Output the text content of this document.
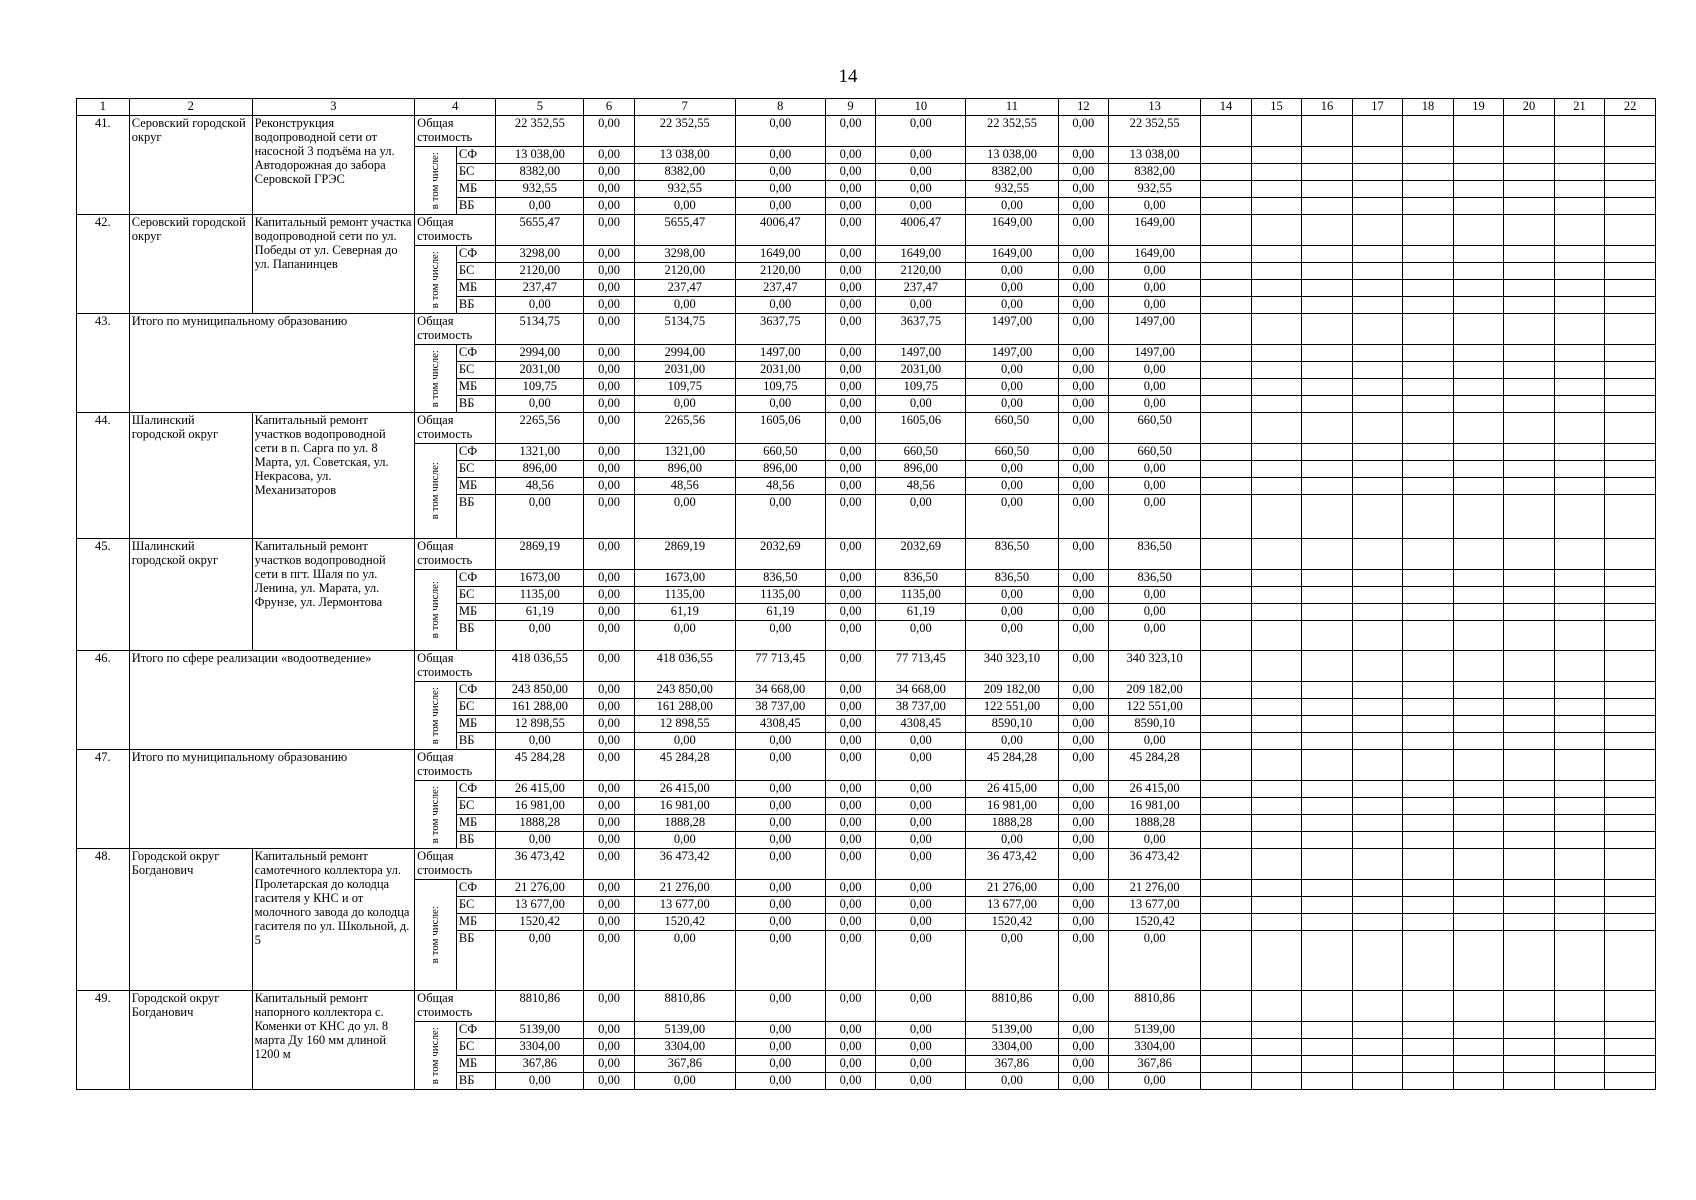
14
1	2	3	4		5	6	7	8	9	10	11	12	13	14	15	16	17	18	19	20	21	22
41.	Серовский городской округ	Реконструкция водопроводной сети от насосной 3 подъёма на ул. Автодорожная до забора Серовской ГРЭС	Общая стоимость		22 352,55	0,00	22 352,55	0,00	0,00	0,00	22 352,55	0,00	22 352,55									

			в том числе:	СФ	13 038,00	0,00	13 038,00	0,00	0,00	0,00	13 038,00	0,00	13 038,00									
				БС	8382,00	0,00	8382,00	0,00	0,00	0,00	8382,00	0,00	8382,00									
				МБ	932,55	0,00	932,55	0,00	0,00	0,00	932,55	0,00	932,55									
				ВБ	0,00	0,00	0,00	0,00	0,00	0,00	0,00	0,00	0,00									
42.	Серовский городской округ	Капитальный ремонт участка водопроводной сети по ул. Победы от ул. Северная до ул. Папанинцев	Общая стоимость		5655,47	0,00	5655,47	4006,47	0,00	4006,47	1649,00	0,00	1649,00									

			в том числе:	СФ	3298,00	0,00	3298,00	1649,00	0,00	1649,00	1649,00	0,00	1649,00									
				БС	2120,00	0,00	2120,00	2120,00	0,00	2120,00	0,00	0,00	0,00									
				МБ	237,47	0,00	237,47	237,47	0,00	237,47	0,00	0,00	0,00									
				ВБ	0,00	0,00	0,00	0,00	0,00	0,00	0,00	0,00	0,00									
43.	Итого по муниципальному образованию		Общая стоимость		5134,75	0,00	5134,75	3637,75	0,00	3637,75	1497,00	0,00	1497,00									

			в том числе:	СФ	2994,00	0,00	2994,00	1497,00	0,00	1497,00	1497,00	0,00	1497,00									
				БС	2031,00	0,00	2031,00	2031,00	0,00	2031,00	0,00	0,00	0,00									
				МБ	109,75	0,00	109,75	109,75	0,00	109,75	0,00	0,00	0,00									
				ВБ	0,00	0,00	0,00	0,00	0,00	0,00	0,00	0,00	0,00									
44.	Шалинский городской округ	Капитальный ремонт участков водопроводной сети в п. Сарга по ул. 8 Марта, ул. Советская, ул. Некрасова, ул. Механизаторов	Общая стоимость		2265,56	0,00	2265,56	1605,06	0,00	1605,06	660,50	0,00	660,50									

			в том числе:	СФ	1321,00	0,00	1321,00	660,50	0,00	660,50	660,50	0,00	660,50									
				БС	896,00	0,00	896,00	896,00	0,00	896,00	0,00	0,00	0,00									
				МБ	48,56	0,00	48,56	48,56	0,00	48,56	0,00	0,00	0,00									
				ВБ	0,00	0,00	0,00	0,00	0,00	0,00	0,00	0,00	0,00									
45.	Шалинский городской округ	Капитальный ремонт участков водопроводной сети в пгт. Шаля по ул. Ленина, ул. Марата, ул. Фрунзе, ул. Лермонтова	Общая стоимость		2869,19	0,00	2869,19	2032,69	0,00	2032,69	836,50	0,00	836,50									

			в том числе:	СФ	1673,00	0,00	1673,00	836,50	0,00	836,50	836,50	0,00	836,50									
				БС	1135,00	0,00	1135,00	1135,00	0,00	1135,00	0,00	0,00	0,00									
				МБ	61,19	0,00	61,19	61,19	0,00	61,19	0,00	0,00	0,00									
				ВБ	0,00	0,00	0,00	0,00	0,00	0,00	0,00	0,00	0,00									
46.	Итого по сфере реализации «водоотведение»		Общая стоимость		418 036,55	0,00	418 036,55	77 713,45	0,00	77 713,45	340 323,10	0,00	340 323,10									

			в том числе:	СФ	243 850,00	0,00	243 850,00	34 668,00	0,00	34 668,00	209 182,00	0,00	209 182,00									
				БС	161 288,00	0,00	161 288,00	38 737,00	0,00	38 737,00	122 551,00	0,00	122 551,00									
				МБ	12 898,55	0,00	12 898,55	4308,45	0,00	4308,45	8590,10	0,00	8590,10									
				ВБ	0,00	0,00	0,00	0,00	0,00	0,00	0,00	0,00	0,00									
47.	Итого по муниципальному образованию		Общая стоимость		45 284,28	0,00	45 284,28	0,00	0,00	0,00	45 284,28	0,00	45 284,28									

			в том числе:	СФ	26 415,00	0,00	26 415,00	0,00	0,00	0,00	26 415,00	0,00	26 415,00									
				БС	16 981,00	0,00	16 981,00	0,00	0,00	0,00	16 981,00	0,00	16 981,00									
				МБ	1888,28	0,00	1888,28	0,00	0,00	0,00	1888,28	0,00	1888,28									
				ВБ	0,00	0,00	0,00	0,00	0,00	0,00	0,00	0,00	0,00									
48.	Городской округ Богданович	Капитальный ремонт самотечного коллектора ул. Пролетарская до колодца гасителя у КНС и от молочного завода до колодца гасителя по ул. Школьной, д. 5	Общая стоимость		36 473,42	0,00	36 473,42	0,00	0,00	0,00	36 473,42	0,00	36 473,42									

			в том числе:	СФ	21 276,00	0,00	21 276,00	0,00	0,00	0,00	21 276,00	0,00	21 276,00									
				БС	13 677,00	0,00	13 677,00	0,00	0,00	0,00	13 677,00	0,00	13 677,00									
				МБ	1520,42	0,00	1520,42	0,00	0,00	0,00	1520,42	0,00	1520,42									
				ВБ	0,00	0,00	0,00	0,00	0,00	0,00	0,00	0,00	0,00									
49.	Городской округ Богданович	Капитальный ремонт напорного коллектора с. Коменки от КНС до ул. 8 марта Ду 160 мм длиной 1200 м	Общая стоимость		8810,86	0,00	8810,86	0,00	0,00	0,00	8810,86	0,00	8810,86									

			в том числе:	СФ	5139,00	0,00	5139,00	0,00	0,00	0,00	5139,00	0,00	5139,00									
				БС	3304,00	0,00	3304,00	0,00	0,00	0,00	3304,00	0,00	3304,00									
				МБ	367,86	0,00	367,86	0,00	0,00	0,00	367,86	0,00	367,86									
				ВБ	0,00	0,00	0,00	0,00	0,00	0,00	0,00	0,00	0,00									
